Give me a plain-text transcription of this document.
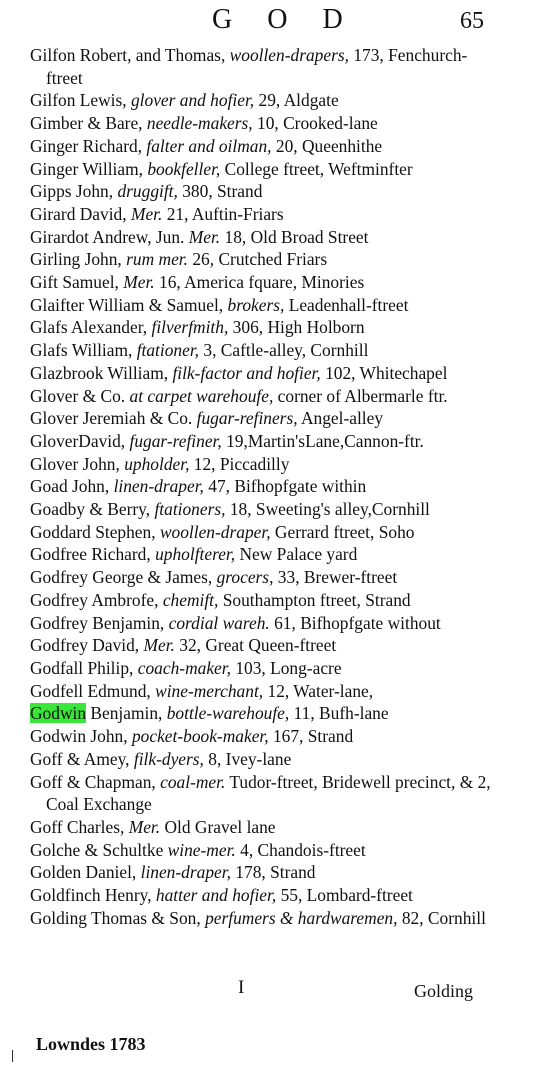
G O D	65
Gilfon Robert, and Thomas, woollen-drapers, 173, Fenchurch-ftreet
Gilfon Lewis, glover and hofier, 29, Aldgate
Gimber & Bare, needle-makers, 10, Crooked-lane
Ginger Richard, falter and oilman, 20, Queenhithe
Ginger William, bookfeller, College ftreet, Weftminfter
Gipps John, druggift, 380, Strand
Girard David, Mer. 21, Auftin-Friars
Girardot Andrew, Jun. Mer. 18, Old Broad Street
Girling John, rum mer. 26, Crutched Friars
Gift Samuel, Mer. 16, America fquare, Minories
Glaifter William & Samuel, brokers, Leadenhall-ftreet
Glafs Alexander, filverfmith, 306, High Holborn
Glafs William, ftationer, 3, Caftle-alley, Cornhill
Glazbrook William, filk-factor and hofier, 102, Whitechapel
Glover & Co. at carpet warehoufe, corner of Albermarle ftr.
Glover Jeremiah & Co. fugar-refiners, Angel-alley
GloverDavid, fugar-refiner, 19,Martin'sLane,Cannon-ftr.
Glover John, upholder, 12, Piccadilly
Goad John, linen-draper, 47, Bifhopfgate within
Goadby & Berry, ftationers, 18, Sweeting's alley,Cornhill
Goddard Stephen, woollen-draper, Gerrard ftreet, Soho
Godfree Richard, upholfterer, New Palace yard
Godfrey George & James, grocers, 33, Brewer-ftreet
Godfrey Ambrofe, chemift, Southampton ftreet, Strand
Godfrey Benjamin, cordial wareh. 61, Bifhopfgate without
Godfrey David, Mer. 32, Great Queen-ftreet
Godfall Philip, coach-maker, 103, Long-acre
Godfell Edmund, wine-merchant, 12, Water-lane,
Godwin Benjamin, bottle-warehoufe, 11, Bufh-lane
Godwin John, pocket-book-maker, 167, Strand
Goff & Amey, filk-dyers, 8, Ivey-lane
Goff & Chapman, coal-mer. Tudor-ftreet, Bridewell precinct, & 2, Coal Exchange
Goff Charles, Mer. Old Gravel lane
Golche & Schultke wine-mer. 4, Chandois-ftreet
Golden Daniel, linen-draper, 178, Strand
Goldfinch Henry, hatter and hofier, 55, Lombard-ftreet
Golding Thomas & Son, perfumers & hardwaremen, 82, Cornhill
I	Golding
Lowndes 1783
